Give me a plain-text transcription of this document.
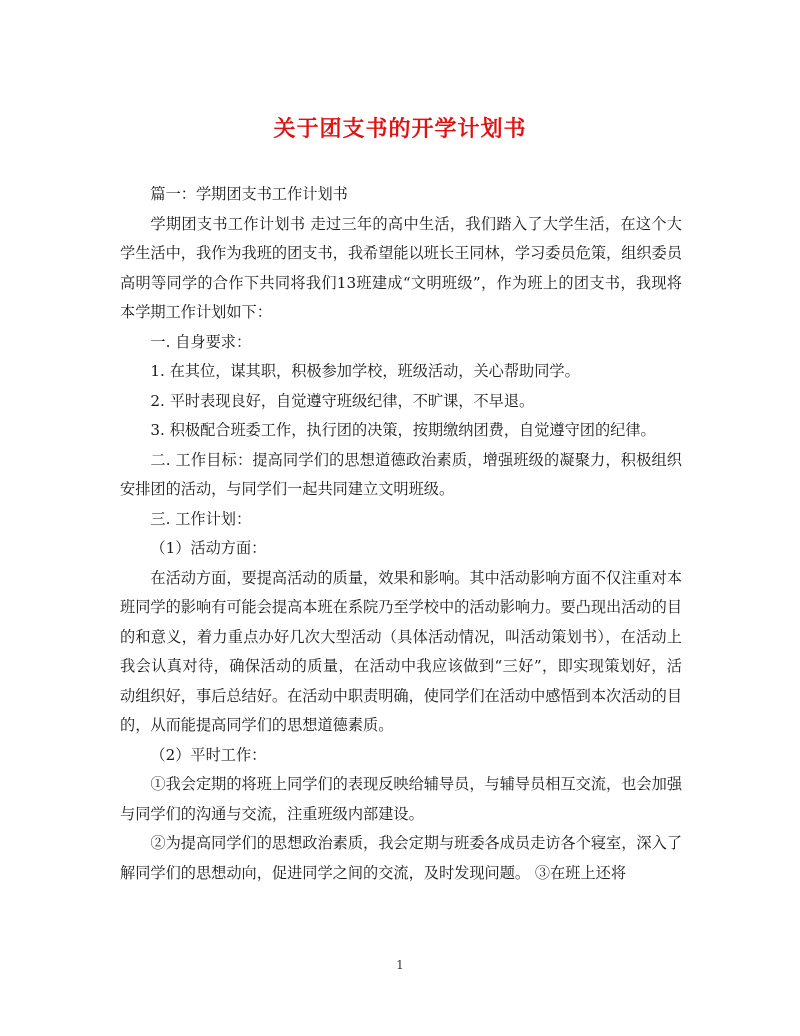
关于团支书的开学计划书

篇一：学期团支书工作计划书

学期团支书工作计划书 走过三年的高中生活，我们踏入了大学生活，在这个大学生活中，我作为我班的团支书，我希望能以班长王同林，学习委员危策，组织委员高明等同学的合作下共同将我们13班建成“文明班级”，作为班上的团支书，我现将本学期工作计划如下：

一. 自身要求：

1. 在其位，谋其职，积极参加学校，班级活动，关心帮助同学。

2. 平时表现良好，自觉遵守班级纪律，不旷课，不早退。

3. 积极配合班委工作，执行团的决策，按期缴纳团费，自觉遵守团的纪律。

二. 工作目标：提高同学们的思想道德政治素质，增强班级的凝聚力，积极组织安排团的活动，与同学们一起共同建立文明班级。

三. 工作计划：

（1）活动方面：

在活动方面，要提高活动的质量，效果和影响。其中活动影响方面不仅注重对本班同学的影响有可能会提高本班在系院乃至学校中的活动影响力。要凸现出活动的目的和意义，着力重点办好几次大型活动（具体活动情况，叫活动策划书），在活动上我会认真对待，确保活动的质量，在活动中我应该做到“三好”，即实现策划好，活动组织好，事后总结好。在活动中职责明确，使同学们在活动中感悟到本次活动的目的，从而能提高同学们的思想道德素质。

（2）平时工作：

①我会定期的将班上同学们的表现反映给辅导员，与辅导员相互交流，也会加强与同学们的沟通与交流，注重班级内部建设。

②为提高同学们的思想政治素质，我会定期与班委各成员走访各个寝室，深入了解同学们的思想动向，促进同学之间的交流，及时发现问题。 ③在班上还将

1
